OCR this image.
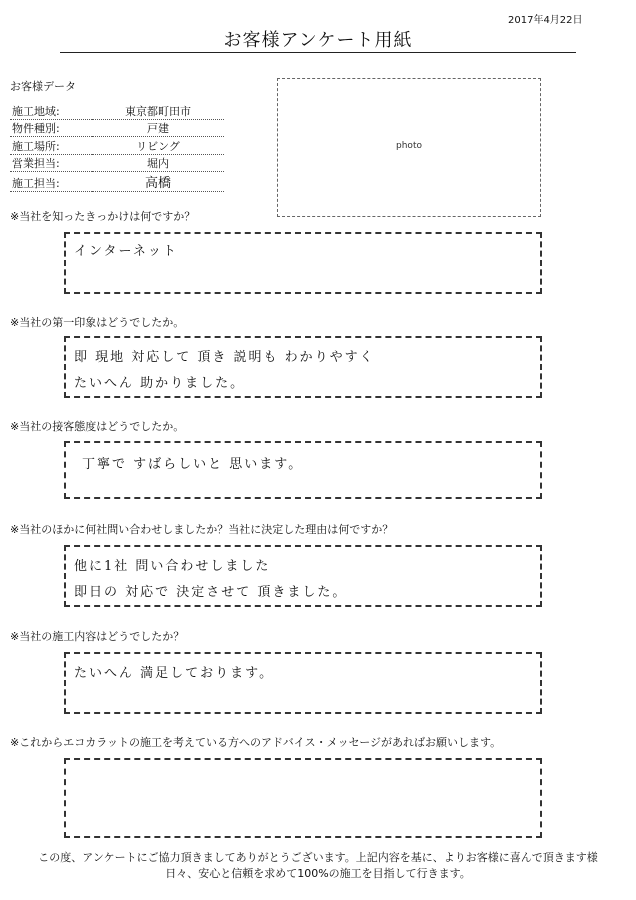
2017年4月22日
お客様アンケート用紙
お客様データ
施工地域:	東京都町田市
物件種別:	戸建
施工場所:	リビング
営業担当:	堀内
施工担当:	高橋
photo
※当社を知ったきっかけは何ですか？
インターネット
※当社の第一印象はどうでしたか。
即 現地 対応して 頂き 説明も わかりやすく
たいへん 助かりました。
※当社の接客態度はどうでしたか。
丁寧で すばらしいと 思います。
※当社のほかに何社問い合わせしましたか？当社に決定した理由は何ですか？
他に1社 問い合わせしました
即日の 対応で 決定させて 頂きました。
※当社の施工内容はどうでしたか？
たいへん 満足しております。
※これからエコカラットの施工を考えている方へのアドバイス・メッセージがあればお願いします。
この度、アンケートにご協力頂きましてありがとうございます。上記内容を基に、よりお客様に喜んで頂きます様
日々、安心と信頼を求めて100%の施工を目指して行きます。
